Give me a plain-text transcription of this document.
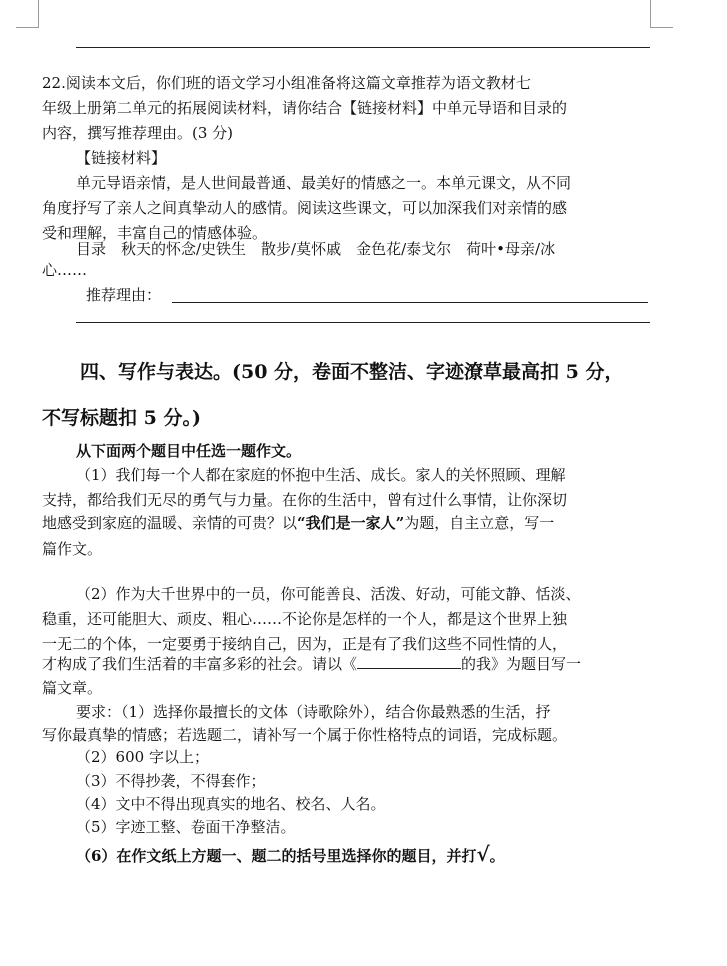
22.阅读本文后，你们班的语文学习小组准备将这篇文章推荐为语文教材七
年级上册第二单元的拓展阅读材料，请你结合【链接材料】中单元导语和目录的
内容，撰写推荐理由。(3 分)
【链接材料】
单元导语亲情，是人世间最普通、最美好的情感之一。本单元课文，从不同
角度抒写了亲人之间真挚动人的感情。阅读这些课文，可以加深我们对亲情的感
受和理解，丰富自己的情感体验。
目录　秋天的怀念/史铁生　散步/莫怀戚　金色花/泰戈尔　荷叶•母亲/冰
心……
推荐理由：
四、写作与表达。(50 分，卷面不整洁、字迹潦草最高扣 5 分，
不写标题扣 5 分。)
从下面两个题目中任选一题作文。
（1）我们每一个人都在家庭的怀抱中生活、成长。家人的关怀照顾、理解
支持，都给我们无尽的勇气与力量。在你的生活中，曾有过什么事情，让你深切
地感受到家庭的温暖、亲情的可贵？以“我们是一家人”为题，自主立意，写一
篇作文。
（2）作为大千世界中的一员，你可能善良、活泼、好动，可能文静、恬淡、
稳重，还可能胆大、顽皮、粗心……不论你是怎样的一个人，都是这个世界上独
一无二的个体，一定要勇于接纳自己，因为，正是有了我们这些不同性情的人，
才构成了我们生活着的丰富多彩的社会。请以《	的我》为题目写一
篇文章。
要求：（1）选择你最擅长的文体（诗歌除外），结合你最熟悉的生活，抒
写你最真挚的情感；若选题二，请补写一个属于你性格特点的词语，完成标题。
（2）600 字以上；
（3）不得抄袭，不得套作；
（4）文中不得出现真实的地名、校名、人名。
（5）字迹工整、卷面干净整洁。
（6）在作文纸上方题一、题二的括号里选择你的题目，并打√。
